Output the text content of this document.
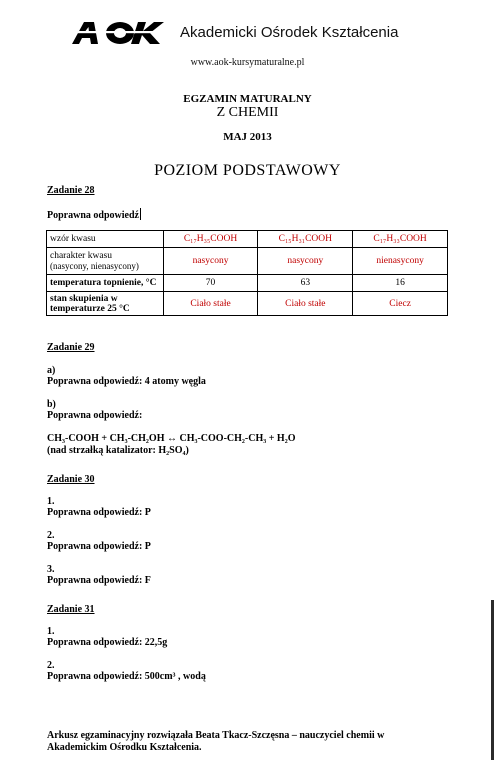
Akademicki Ośrodek Kształcenia
www.aok-kursymaturalne.pl
EGZAMIN MATURALNY
Z CHEMII
MAJ 2013
POZIOM PODSTAWOWY
Zadanie 28
Poprawna odpowiedź
wzór kwasu	C₁₇H₃₅COOH	C₁₅H₃₁COOH	C₁₇H₃₃COOH

charakter kwasu
(nasycony, nienasycony)	nasycony	nasycony	nienasycony
temperatura topnienie, °C	70	63	16
stan skupienia w temperaturze 25 °C	Ciało stałe	Ciało stałe	Ciecz
Zadanie 29
a)
Poprawna odpowiedź: 4 atomy węgla
b)
Poprawna odpowiedź:
CH₃-COOH + CH₃-CH₂OH ↔ CH₃-COO-CH₂-CH₃ + H₂O
(nad strzałką katalizator: H₂SO₄)
Zadanie 30
1.
Poprawna odpowiedź: P
2.
Poprawna odpowiedź: P
3.
Poprawna odpowiedź: F
Zadanie 31
1.
Poprawna odpowiedź: 22,5g
2.
Poprawna odpowiedź: 500cm³ , wodą
Arkusz egzaminacyjny rozwiązała Beata Tkacz-Szczęsna – nauczyciel chemii w
Akademickim Ośrodku Kształcenia.
